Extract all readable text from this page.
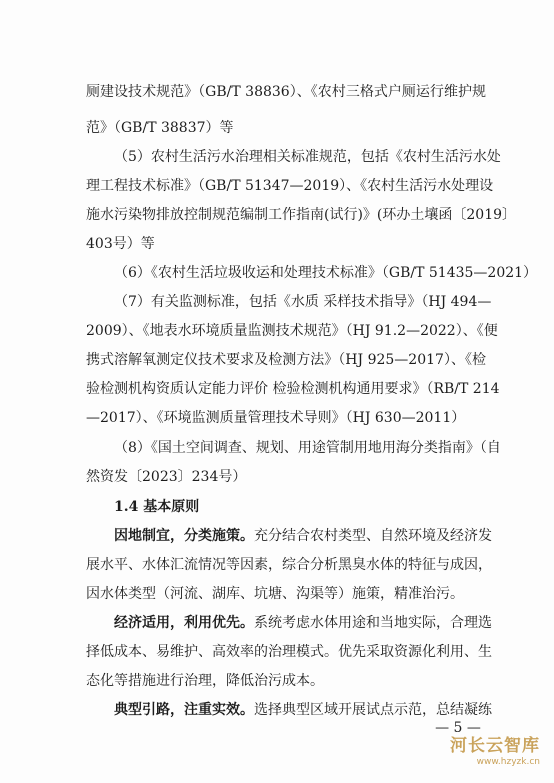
厕建设技术规范》（GB/T 38836）、《农村三格式户厕运行维护规
范》（GB/T 38837）等
（5）农村生活污水治理相关标准规范，包括《农村生活污水处
理工程技术标准》（GB/T 51347—2019）、《农村生活污水处理设
施水污染物排放控制规范编制工作指南(试行)》(环办土壤函〔2019〕
403号）等
（6）《农村生活垃圾收运和处理技术标准》（GB/T 51435—2021）
（7）有关监测标准，包括《水质 采样技术指导》（HJ 494—
2009）、《地表水环境质量监测技术规范》（HJ 91.2—2022）、《便
携式溶解氧测定仪技术要求及检测方法》（HJ 925—2017）、《检
验检测机构资质认定能力评价 检验检测机构通用要求》（RB/T 214
—2017）、《环境监测质量管理技术导则》（HJ 630—2011）
（8）《国土空间调查、规划、用途管制用地用海分类指南》（自
然资发〔2023〕234号）
1.4 基本原则
因地制宜，分类施策。充分结合农村类型、自然环境及经济发
展水平、水体汇流情况等因素，综合分析黑臭水体的特征与成因，
因水体类型（河流、湖库、坑塘、沟渠等）施策，精准治污。
经济适用，利用优先。系统考虑水体用途和当地实际，合理选
择低成本、易维护、高效率的治理模式。优先采取资源化利用、生
态化等措施进行治理，降低治污成本。
典型引路，注重实效。选择典型区域开展试点示范，总结凝练
— 5 —
河长云智库
www.hzyzk.cn
